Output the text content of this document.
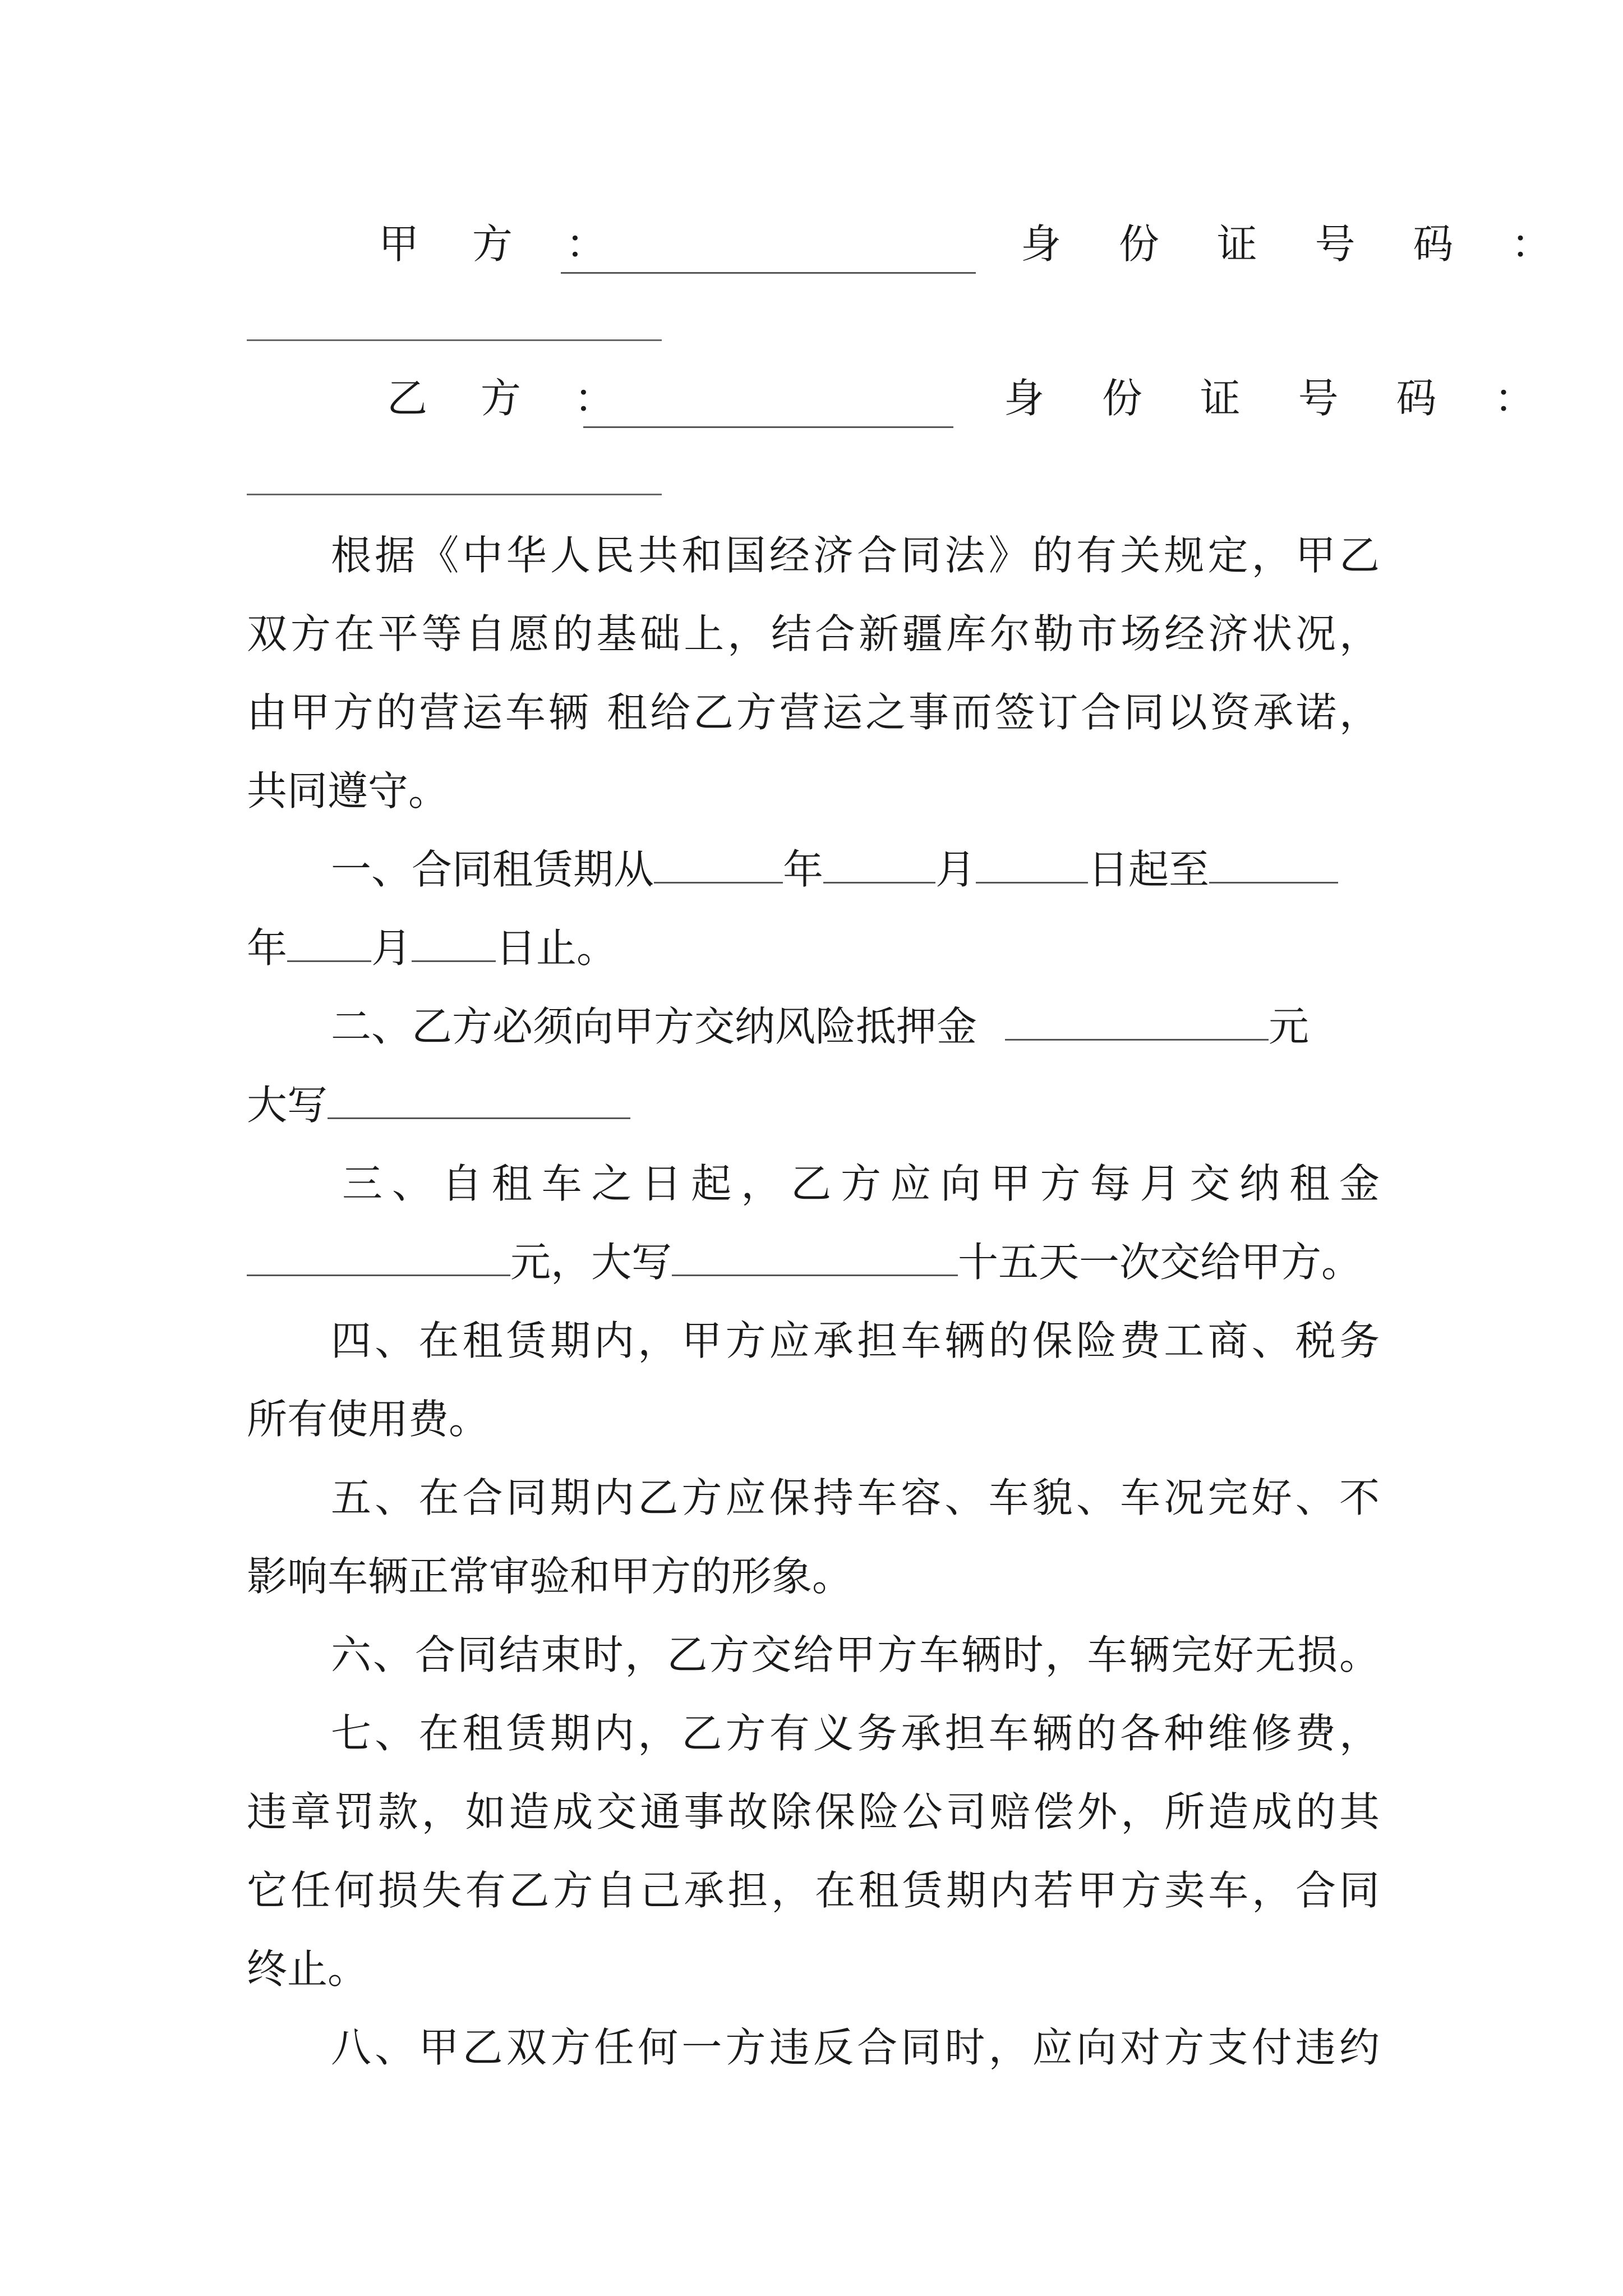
甲 方 ：	身 份 证 号 码 ：
乙 方 ：	身 份 证 号 码 ：
根据《中华人民共和国经济合同法》的有关规定，甲乙
双方在平等自愿的基础上，结合新疆库尔勒市场经济状况，
由甲方的营运车辆 租给乙方营运之事而签订合同以资承诺，
共同遵守。
一、合同租赁期从	年	月	日起至
年 月 日止。
二、乙方必须向甲方交纳风险抵押金	元
大写
三、自租车之日起，乙方应向甲方每月交纳租金
元，大写	十五天一次交给甲方。
四、在租赁期内，甲方应承担车辆的保险费工商、税务
所有使用费。
五、在合同期内乙方应保持车容、车貌、车况完好、不
影响车辆正常审验和甲方的形象。
六、合同结束时，乙方交给甲方车辆时，车辆完好无损。
七、在租赁期内，乙方有义务承担车辆的各种维修费，
违章罚款，如造成交通事故除保险公司赔偿外，所造成的其
它任何损失有乙方自己承担，在租赁期内若甲方卖车，合同
终止。
八、甲乙双方任何一方违反合同时，应向对方支付违约
